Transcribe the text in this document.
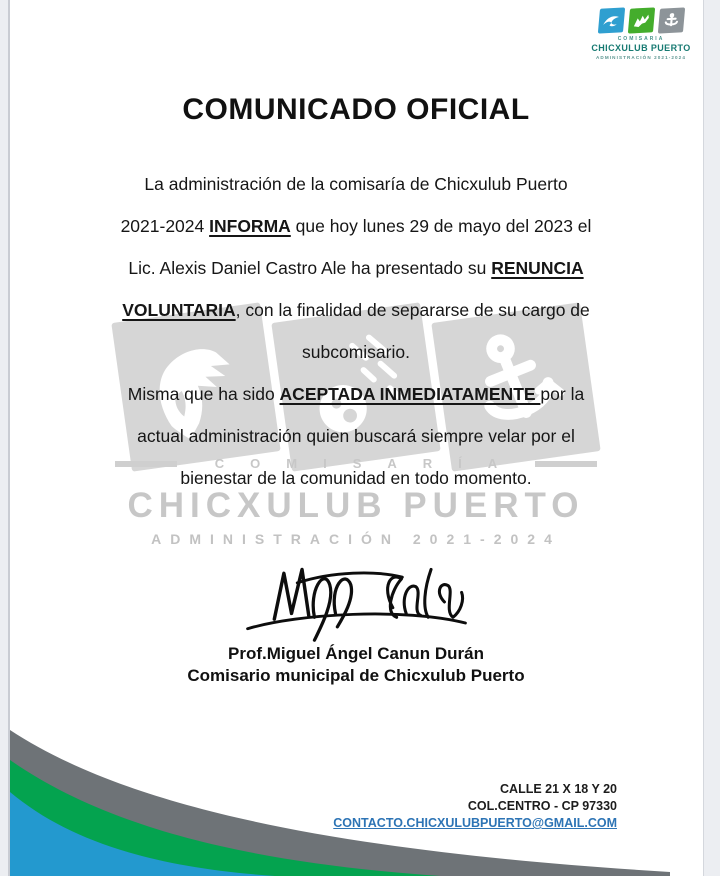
COMISARIA
CHICXULUB PUERTO
ADMINISTRACIÓN 2021-2024
COMISARÍA
CHICXULUB PUERTO
ADMINISTRACIÓN 2021-2024
COMUNICADO OFICIAL
La administración de la comisaría de Chicxulub Puerto
2021-2024 INFORMA que hoy lunes 29 de mayo del 2023 el
Lic. Alexis Daniel Castro Ale ha presentado su RENUNCIA
VOLUNTARIA, con la finalidad de separarse de su cargo de
subcomisario.
Misma que ha sido ACEPTADA INMEDIATAMENTE por la
actual administración quien buscará siempre velar por el
bienestar de la comunidad en todo momento.
Prof.Miguel Ángel Canun Durán
Comisario municipal de Chicxulub Puerto
CALLE 21 X 18 Y 20
COL.CENTRO - CP 97330
CONTACTO.CHICXULUBPUERTO@GMAIL.COM
